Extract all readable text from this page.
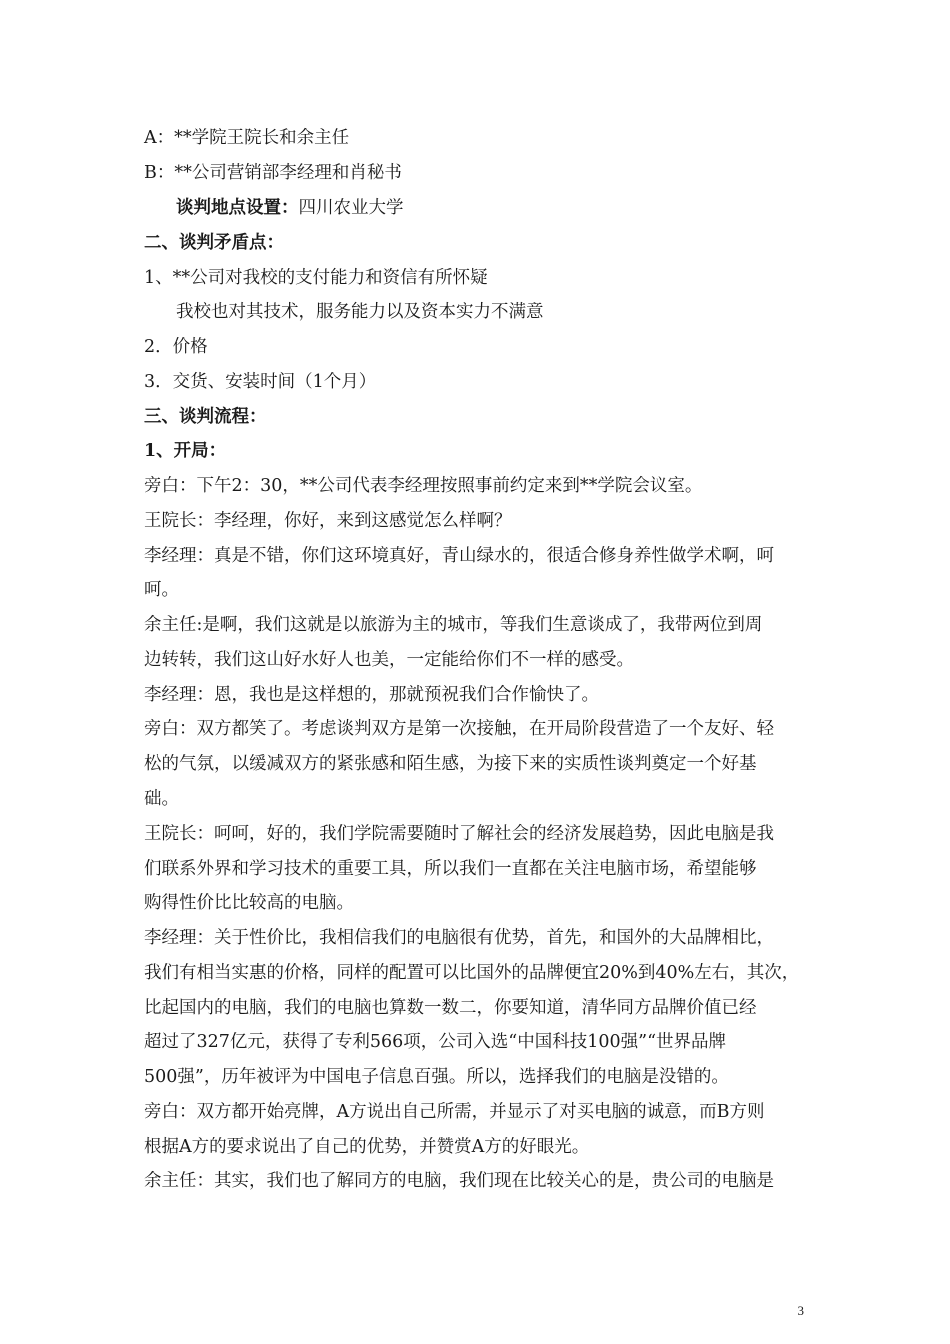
A：**学院王院长和余主任
B：**公司营销部李经理和肖秘书
谈判地点设置：四川农业大学
二、谈判矛盾点：
1、**公司对我校的支付能力和资信有所怀疑
我校也对其技术，服务能力以及资本实力不满意
2．价格
3．交货、安装时间（1个月）
三、谈判流程：
1、开局：
旁白：下午2：30，**公司代表李经理按照事前约定来到**学院会议室。
王院长：李经理，你好，来到这感觉怎么样啊？
李经理：真是不错，你们这环境真好，青山绿水的，很适合修身养性做学术啊，呵
呵。
余主任:是啊，我们这就是以旅游为主的城市，等我们生意谈成了，我带两位到周
边转转，我们这山好水好人也美，一定能给你们不一样的感受。
李经理：恩，我也是这样想的，那就预祝我们合作愉快了。
旁白：双方都笑了。考虑谈判双方是第一次接触，在开局阶段营造了一个友好、轻
松的气氛，以缓减双方的紧张感和陌生感，为接下来的实质性谈判奠定一个好基
础。
王院长：呵呵，好的，我们学院需要随时了解社会的经济发展趋势，因此电脑是我
们联系外界和学习技术的重要工具，所以我们一直都在关注电脑市场，希望能够
购得性价比比较高的电脑。
李经理：关于性价比，我相信我们的电脑很有优势，首先，和国外的大品牌相比，
我们有相当实惠的价格，同样的配置可以比国外的品牌便宜20%到40%左右，其次，
比起国内的电脑，我们的电脑也算数一数二，你要知道，清华同方品牌价值已经
超过了327亿元，获得了专利566项，公司入选“中国科技100强”“世界品牌
500强”，历年被评为中国电子信息百强。所以，选择我们的电脑是没错的。
旁白：双方都开始亮牌，A方说出自己所需，并显示了对买电脑的诚意，而B方则
根据A方的要求说出了自己的优势，并赞赏A方的好眼光。
余主任：其实，我们也了解同方的电脑，我们现在比较关心的是，贵公司的电脑是
3
